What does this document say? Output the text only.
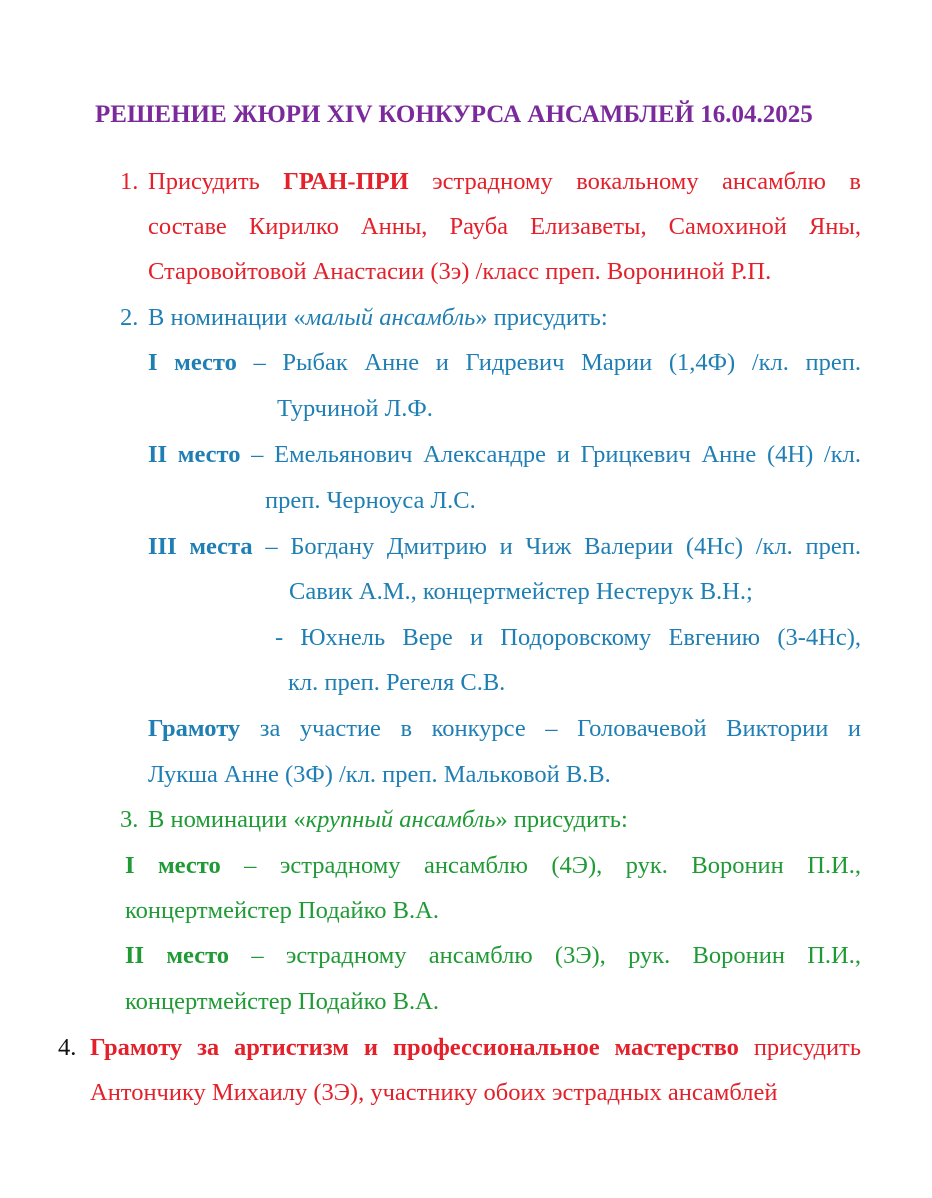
РЕШЕНИЕ ЖЮРИ XIV КОНКУРСА АНСАМБЛЕЙ 16.04.2025
1. Присудить ГРАН-ПРИ эстрадному вокальному ансамблю в
составе Кирилко Анны, Рауба Елизаветы, Самохиной Яны,
Старовойтовой Анастасии (3э) /класс преп. Ворониной Р.П.
2. В номинации «малый ансамбль» присудить:
I место – Рыбак Анне и Гидревич Марии (1,4Ф) /кл. преп.
Турчиной Л.Ф.
II место – Емельянович Александре и Грицкевич Анне (4Н) /кл.
преп. Черноуса Л.С.
III места – Богдану Дмитрию и Чиж Валерии (4Нс) /кл. преп.
Савик А.М., концертмейстер Нестерук В.Н.;
- Юхнель Вере и Подоровскому Евгению (3-4Нс),
кл. преп. Регеля С.В.
Грамоту за участие в конкурсе – Головачевой Виктории и
Лукша Анне (3Ф) /кл. преп. Мальковой В.В.
3. В номинации «крупный ансамбль» присудить:
I место – эстрадному ансамблю (4Э), рук. Воронин П.И.,
концертмейстер Подайко В.А.
II место – эстрадному ансамблю (3Э), рук. Воронин П.И.,
концертмейстер Подайко В.А.
4. Грамоту за артистизм и профессиональное мастерство присудить
Антончику Михаилу (3Э), участнику обоих эстрадных ансамблей
